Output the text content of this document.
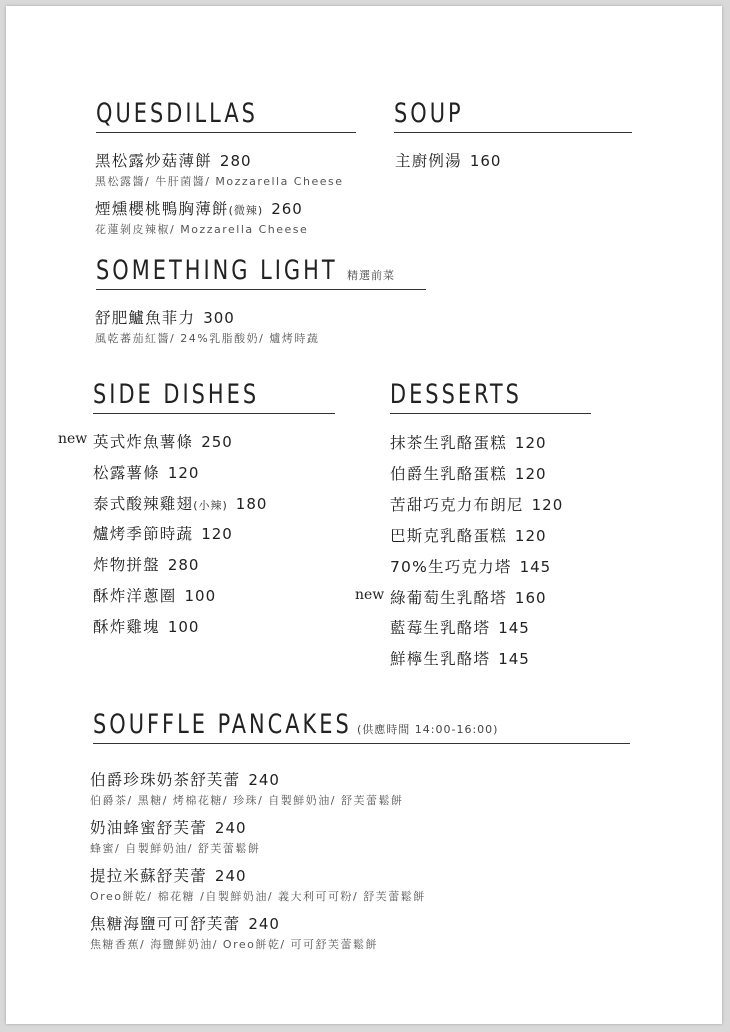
QUESDILLAS
黑松露炒菇薄餅 280
黑松露醬/ 牛肝菌醬/ Mozzarella Cheese
煙燻櫻桃鴨胸薄餅(微辣) 260
花蓮剝皮辣椒/ Mozzarella Cheese
SOUP
主廚例湯 160
SOMETHING LIGHT 精選前菜
舒肥鱸魚菲力 300
風乾蕃茄紅醬/ 24%乳脂酸奶/ 爐烤時蔬
SIDE DISHES
new 英式炸魚薯條 250
松露薯條 120
泰式酸辣雞翅(小辣) 180
爐烤季節時蔬 120
炸物拼盤 280
酥炸洋蔥圈 100
酥炸雞塊 100
DESSERTS
抹茶生乳酪蛋糕 120
伯爵生乳酪蛋糕 120
苦甜巧克力布朗尼 120
巴斯克乳酪蛋糕 120
70%生巧克力塔 145
new 綠葡萄生乳酪塔 160
藍莓生乳酪塔 145
鮮檸生乳酪塔 145
SOUFFLE PANCAKES (供應時間 14:00-16:00)
伯爵珍珠奶茶舒芙蕾 240
伯爵茶/ 黑糖/ 烤棉花糖/ 珍珠/ 自製鮮奶油/ 舒芙蕾鬆餅
奶油蜂蜜舒芙蕾 240
蜂蜜/ 自製鮮奶油/ 舒芙蕾鬆餅
提拉米蘇舒芙蕾 240
Oreo餅乾/ 棉花糖 /自製鮮奶油/ 義大利可可粉/ 舒芙蕾鬆餅
焦糖海鹽可可舒芙蕾 240
焦糖香蕉/ 海鹽鮮奶油/ Oreo餅乾/ 可可舒芙蕾鬆餅
